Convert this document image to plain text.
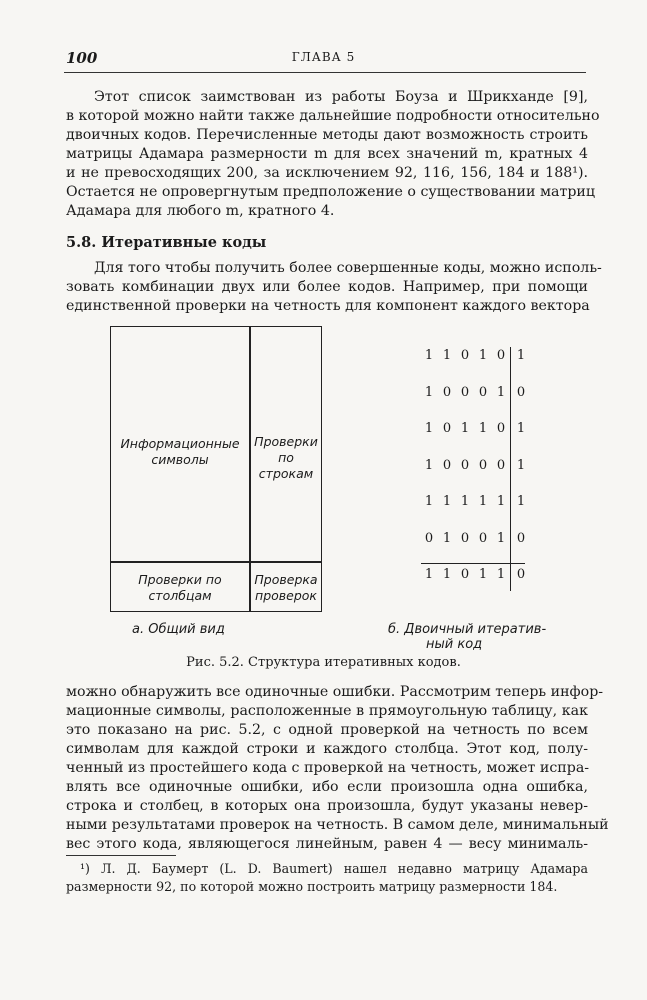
100	ГЛАВА 5
Этот список заимствован из работы Боуза и Шрикханде [9],
в которой можно найти также дальнейшие подробности относительно
двоичных кодов. Перечисленные методы дают возможность строить
матрицы Адамара размерности m для всех значений m, кратных 4
и не превосходящих 200, за исключением 92, 116, 156, 184 и 188¹).
Остается не опровергнутым предположение о существовании матриц
Адамара для любого m, кратного 4.
5.8. Итеративные коды
Для того чтобы получить более совершенные коды, можно исполь-
зовать комбинации двух или более кодов. Например, при помощи
единственной проверки на четность для компонент каждого вектора
Информационные
символы
Проверки
по
строкам
Проверки по
столбцам
Проверка
проверок
1 1 0 1 0 1
1 0 0 0 1 0
1 0 1 1 0 1
1 0 0 0 0 1
1 1 1 1 1 1
0 1 0 0 1 0
1 1 0 1 1 0
а. Общий вид	б. Двоичный итератив-
ный код
Рис. 5.2. Структура итеративных кодов.
можно обнаружить все одиночные ошибки. Рассмотрим теперь инфор-
мационные символы, расположенные в прямоугольную таблицу, как
это показано на рис. 5.2, с одной проверкой на четность по всем
символам для каждой строки и каждого столбца. Этот код, полу-
ченный из простейшего кода с проверкой на четность, может испра-
влять все одиночные ошибки, ибо если произошла одна ошибка,
строка и столбец, в которых она произошла, будут указаны невер-
ными результатами проверок на четность. В самом деле, минимальный
вес этого кода, являющегося линейным, равен 4 — весу минималь-
¹) Л. Д. Баумерт (L. D. Baumert) нашел недавно матрицу Адамара
размерности 92, по которой можно построить матрицу размерности 184.
